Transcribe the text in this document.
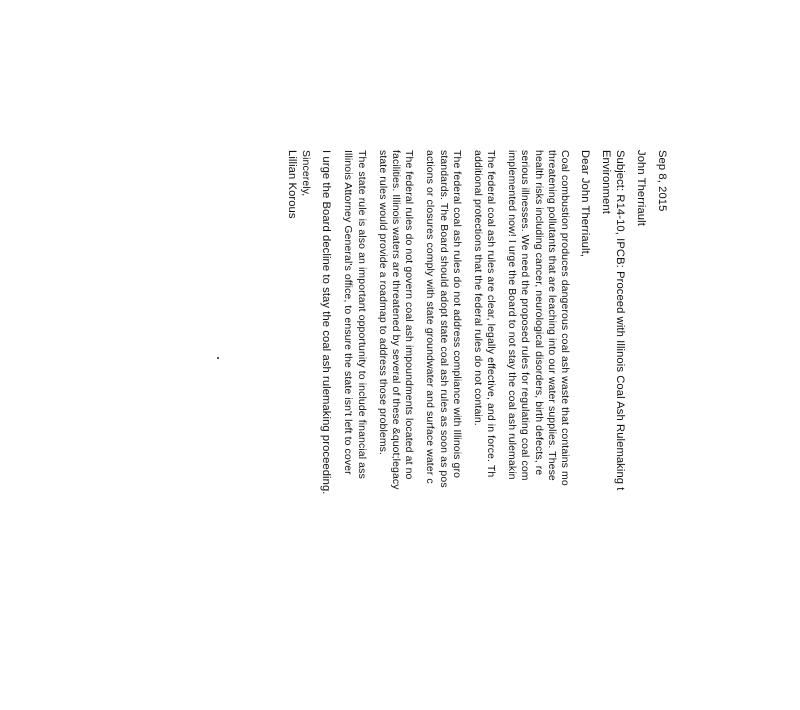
Sep 8, 2015
John Therriault
Subject: R14-10, IPCB: Proceed with Illinois Coal Ash Rulemaking t
Environment
Dear John Therriault,
Coal combustion produces dangerous coal ash waste that contains mo
threatening pollutants that are leaching into our water supplies. These
health risks including cancer, neurological disorders, birth defects, re
serious illnesses. We need the proposed rules for regulating coal com
implemented now! I urge the Board to not stay the coal ash rulemakin
The federal coal ash rules are clear, legally effective, and in force. Th
additional protections that the federal rules do not contain.
The federal coal ash rules do not address compliance with Illinois gro
standards. The Board should adopt state coal ash rules as soon as pos
actions or closures comply with state groundwater and surface water c
The federal rules do not govern coal ash impoundments located at no
facilities. Illinois waters are threatened by several of these &quot;legacy
state rules would provide a roadmap to address those problems.
The state rule is also an important opportunity to include financial ass
Illinois Attorney General's office, to ensure the state isn't left to cover
I urge the Board decline to stay the coal ash rulemaking proceeding.
Sincerely,
Lillian Korous
